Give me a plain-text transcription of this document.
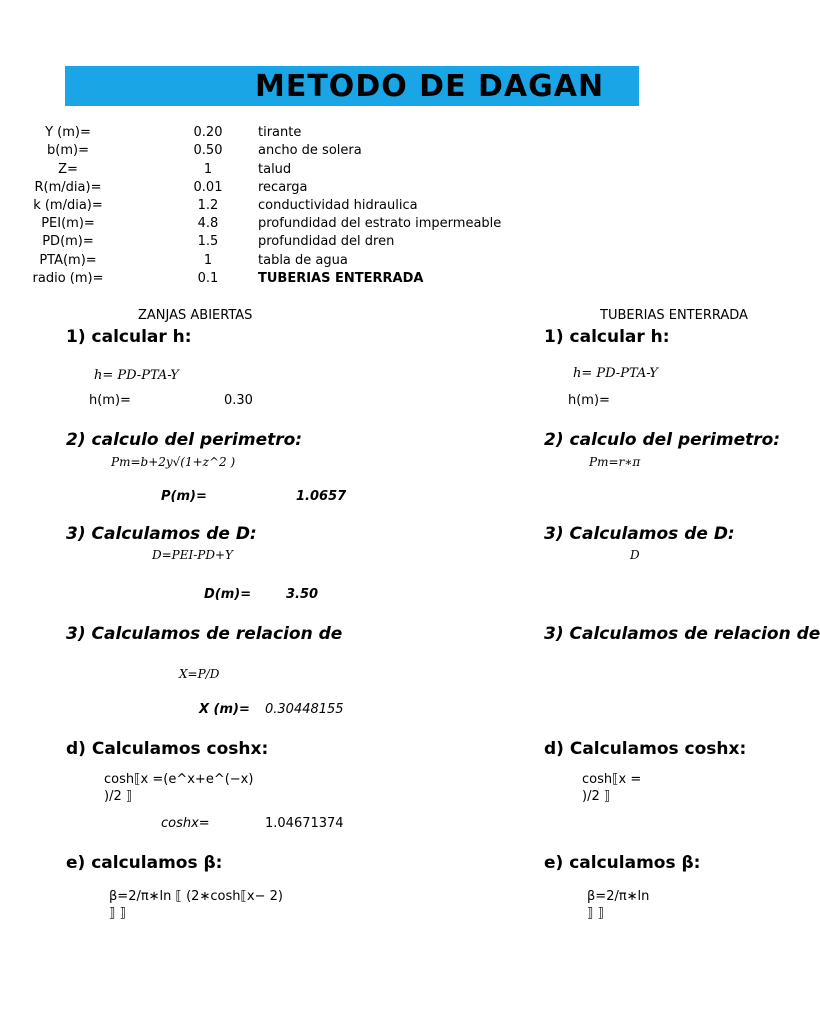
METODO DE DAGAN
Y (m)=	0.20	tirante
b(m)=	0.50	ancho de solera
Z=	1	talud
R(m/dia)=	0.01	recarga
k (m/dia)=	1.2	conductividad hidraulica
PEI(m)=	4.8	profundidad del estrato impermeable
PD(m)=	1.5	profundidad del dren
PTA(m)=	1	tabla de agua
radio (m)=	0.1	TUBERIAS ENTERRADA
ZANJAS ABIERTAS
1) calcular h:
h= PD-PTA-Y
h(m)=	0.30
2) calculo del perimetro:
Pm=b+2y√(1+z^2 )
P(m)=	1.0657
3) Calculamos de D:
D=PEI-PD+Y
D(m)=	3.50
3) Calculamos de relacion de
X=P/D
X (m)= 0.30448155
d) Calculamos coshx:
cosh⟦x =(e^x+e^(−x)
)/2 ⟧
coshx=	1.04671374
e) calculamos β:
β=2/π∗ln ⁡⟦ (2∗cosh⟦x− 2)
⟧ ⟧
TUBERIAS ENTERRADA
1) calcular h:
h= PD-PTA-Y
h(m)=
2) calculo del perimetro:
Pm=r∗π
3) Calculamos de D:
D
3) Calculamos de relacion de
d) Calculamos coshx:
cosh⟦x =
)/2 ⟧
e) calculamos β:
β=2/π∗ln
⟧ ⟧
